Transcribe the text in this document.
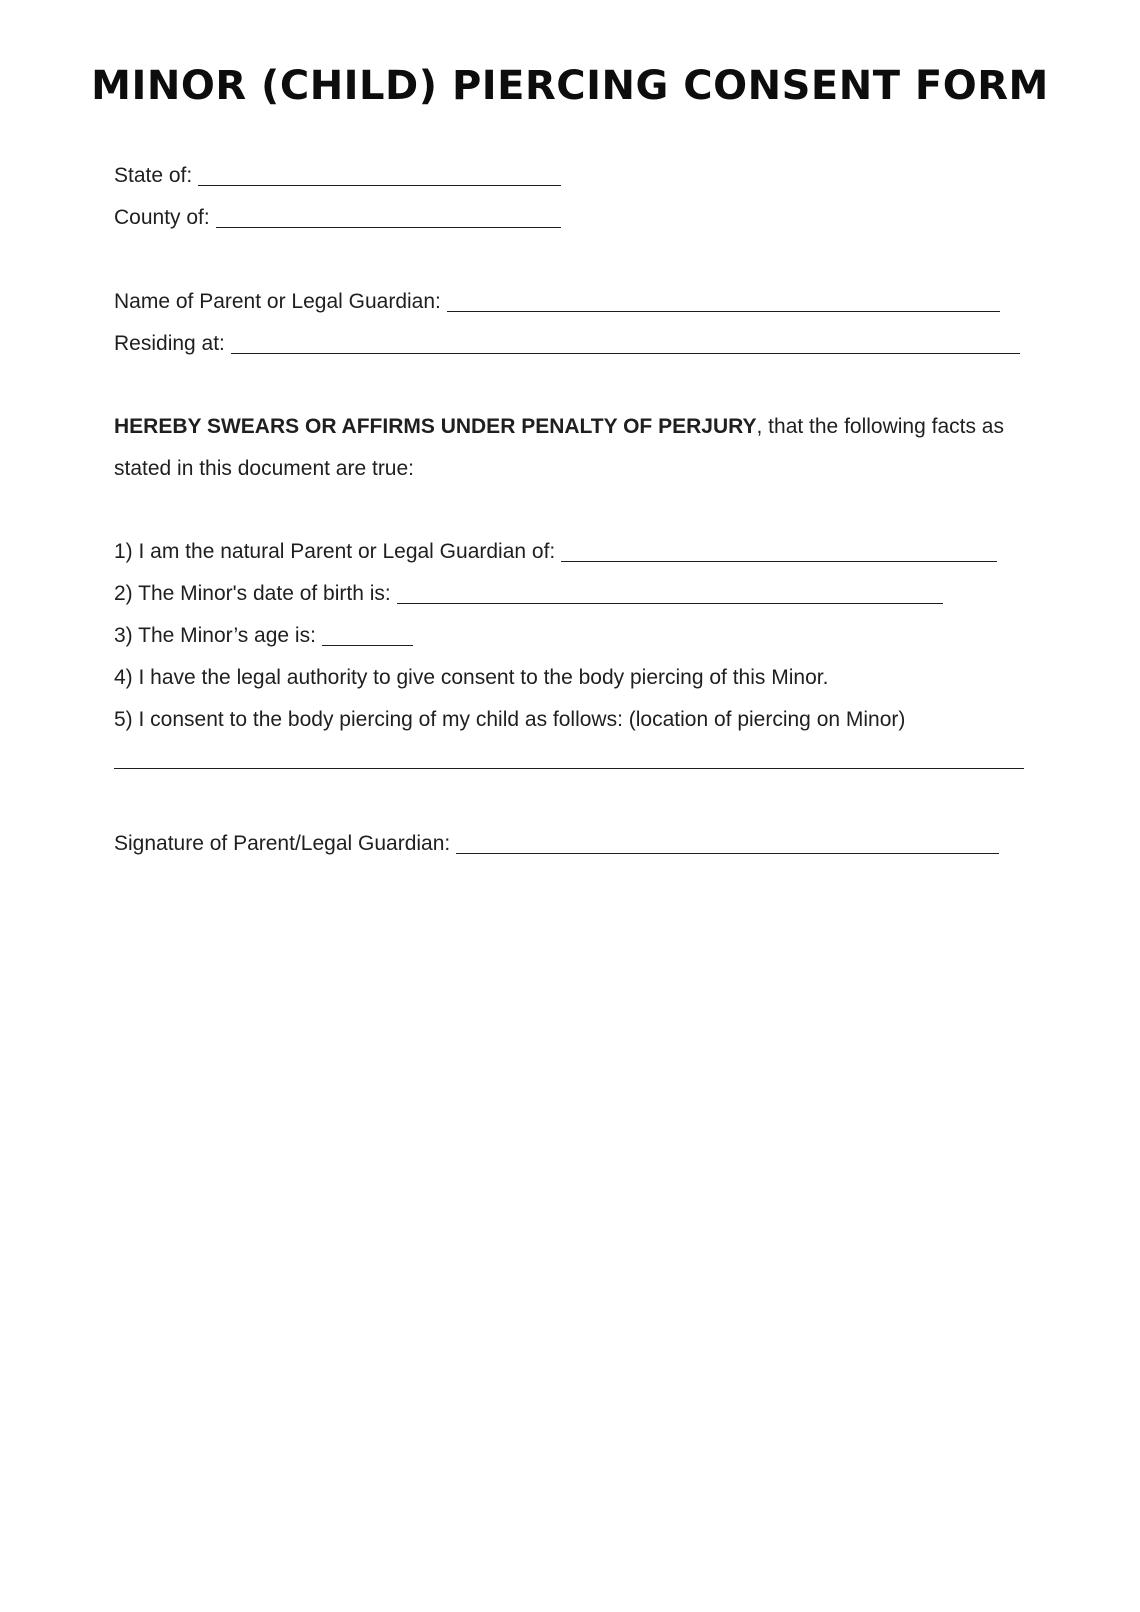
MINOR (CHILD) PIERCING CONSENT FORM
State of:
County of:
Name of Parent or Legal Guardian:
Residing at:
HEREBY SWEARS OR AFFIRMS UNDER PENALTY OF PERJURY, that the following facts as
stated in this document are true:
1) I am the natural Parent or Legal Guardian of:
2) The Minor's date of birth is:
3) The Minor’s age is:
4) I have the legal authority to give consent to the body piercing of this Minor.
5) I consent to the body piercing of my child as follows: (location of piercing on Minor)
Signature of Parent/Legal Guardian:
